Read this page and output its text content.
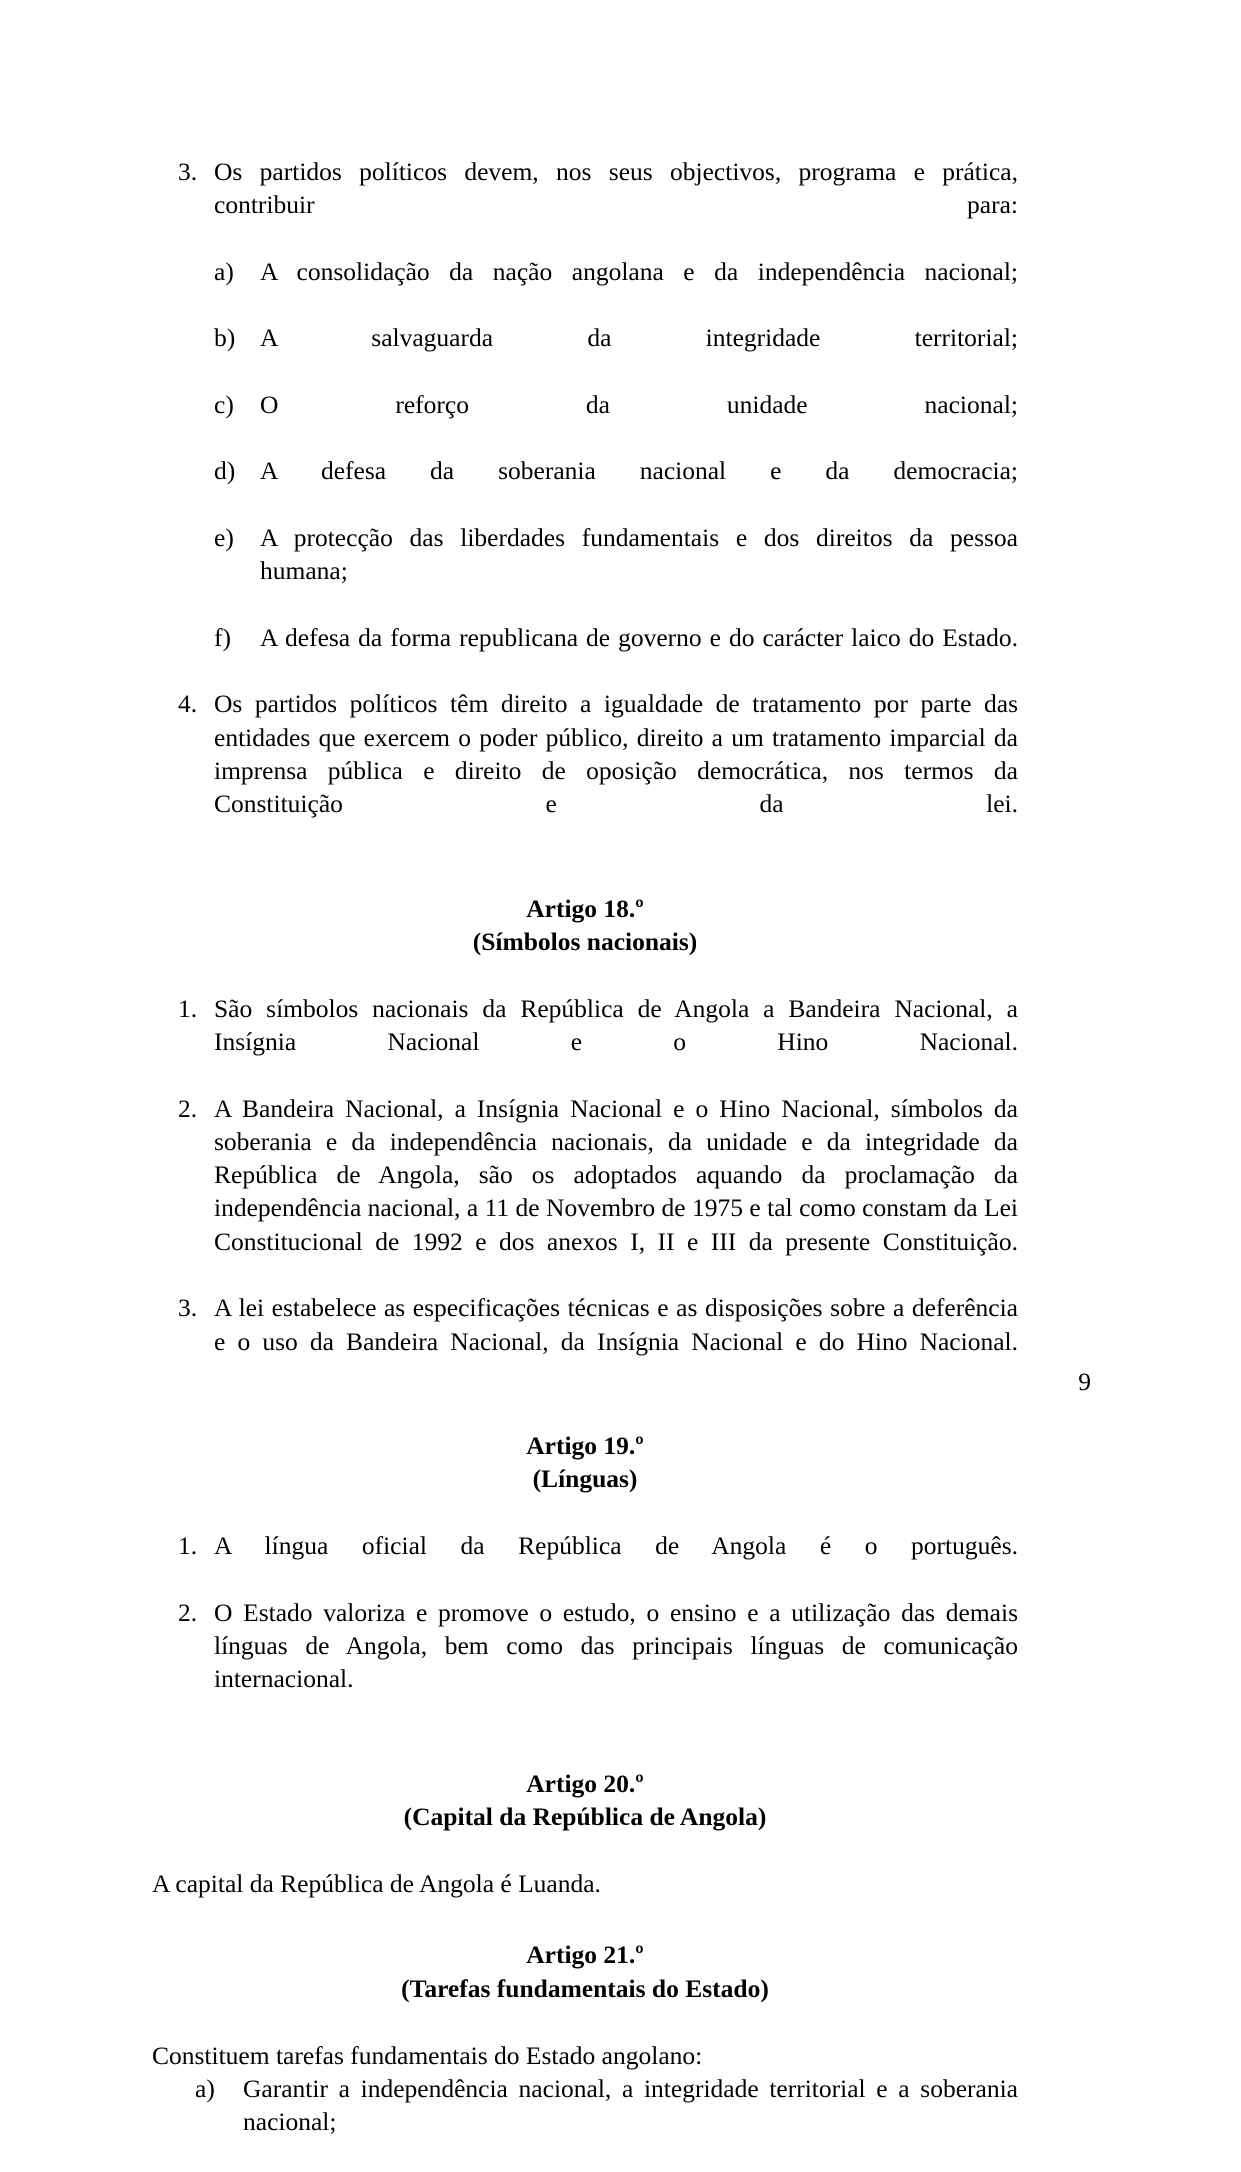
3. Os partidos políticos devem, nos seus objectivos, programa e prática, contribuir para:
a)	A consolidação da nação angolana e da independência nacional;
b) A salvaguarda da integridade territorial;
c)	O reforço da unidade nacional;
d) A defesa da soberania nacional e da democracia;
e)	A protecção das liberdades fundamentais e dos direitos da pessoa humana;
f)	A defesa da forma republicana de governo e do carácter laico do Estado.
4. Os partidos políticos têm direito a igualdade de tratamento por parte das entidades que exercem o poder público, direito a um tratamento imparcial da imprensa pública e direito de oposição democrática, nos termos da Constituição e da lei.
Artigo 18.º
(Símbolos nacionais)
1. São símbolos nacionais da República de Angola a Bandeira Nacional, a Insígnia Nacional e o Hino Nacional.
2. A Bandeira Nacional, a Insígnia Nacional e o Hino Nacional, símbolos da soberania e da independência nacionais, da unidade e da integridade da República de Angola, são os adoptados aquando da proclamação da independência nacional, a 11 de Novembro de 1975 e tal como constam da Lei Constitucional de 1992 e dos anexos I, II e III da presente Constituição.
3. A lei estabelece as especificações técnicas e as disposições sobre a deferência e o uso da Bandeira Nacional, da Insígnia Nacional e do Hino Nacional.
Artigo 19.º
(Línguas)
1. A língua oficial da República de Angola é o português.
2. O Estado valoriza e promove o estudo, o ensino e a utilização das demais línguas de Angola, bem como das principais línguas de comunicação internacional.
Artigo 20.º
(Capital da República de Angola)

A capital da República de Angola é Luanda.

Artigo 21.º
(Tarefas fundamentais do Estado)

Constituem tarefas fundamentais do Estado angolano:

a)	Garantir a independência nacional, a integridade territorial e a soberania nacional;
9
